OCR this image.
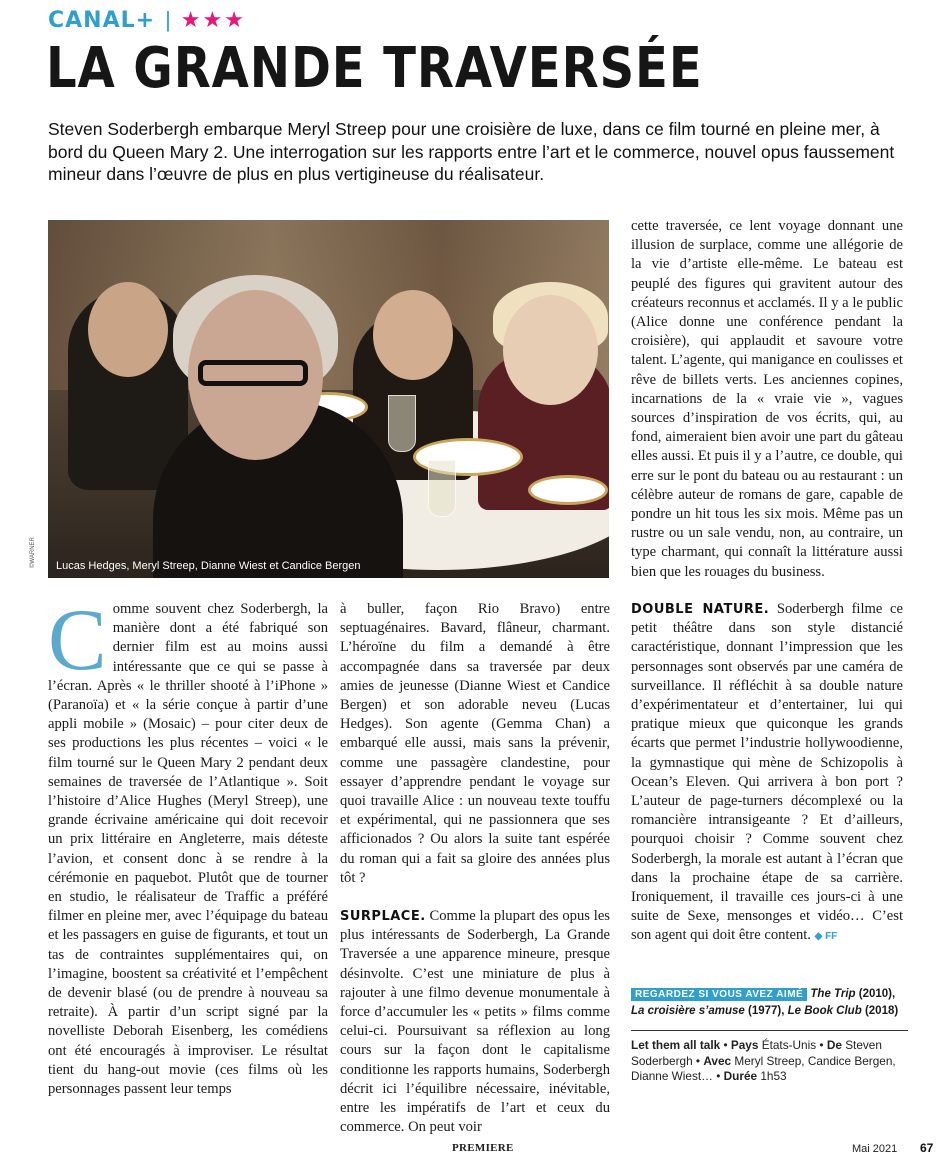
CANAL+ | ★★★
LA GRANDE TRAVERSÉE

Steven Soderbergh embarque Meryl Streep pour une croisière de luxe, dans ce film tourné en pleine mer, à bord du Queen Mary 2. Une interrogation sur les rapports entre l’art et le commerce, nouvel opus faussement mineur dans l’œuvre de plus en plus vertigineuse du réalisateur.

Lucas Hedges, Meryl Streep, Dianne Wiest et Candice Bergen
©WARNER
C omme souvent chez Soderbergh, la manière dont a été fabriqué son dernier film est au moins aussi intéressante que ce qui se passe à l’écran. Après « le thriller shooté à l’iPhone » (Paranoïa) et « la série conçue à partir d’une appli mobile » (Mosaic) – pour citer deux de ses productions les plus récentes – voici « le film tourné sur le Queen Mary 2 pendant deux semaines de traversée de l’Atlantique ». Soit l’histoire d’Alice Hughes (Meryl Streep), une grande écrivaine américaine qui doit recevoir un prix littéraire en Angleterre, mais déteste l’avion, et consent donc à se rendre à la cérémonie en paquebot. Plutôt que de tourner en studio, le réalisateur de Traffic a préféré filmer en pleine mer, avec l’équipage du bateau et les passagers en guise de figurants, et tout un tas de contraintes supplémentaires qui, on l’imagine, boostent sa créativité et l’empêchent de devenir blasé (ou de prendre à nouveau sa retraite). À partir d’un script signé par la novelliste Deborah Eisenberg, les comédiens ont été encouragés à improviser. Le résultat tient du hang-out movie (ces films où les personnages passent leur temps

à buller, façon Rio Bravo) entre septuagénaires. Bavard, flâneur, charmant. L’héroïne du film a demandé à être accompagnée dans sa traversée par deux amies de jeunesse (Dianne Wiest et Candice Bergen) et son adorable neveu (Lucas Hedges). Son agente (Gemma Chan) a embarqué elle aussi, mais sans la prévenir, comme une passagère clandestine, pour essayer d’apprendre pendant le voyage sur quoi travaille Alice : un nouveau texte touffu et expérimental, qui ne passionnera que ses afficionados ? Ou alors la suite tant espérée du roman qui a fait sa gloire des années plus tôt ?

SURPLACE. Comme la plupart des opus les plus intéressants de Soderbergh, La Grande Traversée a une apparence mineure, presque désinvolte. C’est une miniature de plus à rajouter à une filmo devenue monumentale à force d’accumuler les « petits » films comme celui-ci. Poursuivant sa réflexion au long cours sur la façon dont le capitalisme conditionne les rapports humains, Soderbergh décrit ici l’équilibre nécessaire, inévitable, entre les impératifs de l’art et ceux du commerce. On peut voir

cette traversée, ce lent voyage donnant une illusion de surplace, comme une allégorie de la vie d’artiste elle-même. Le bateau est peuplé des figures qui gravitent autour des créateurs reconnus et acclamés. Il y a le public (Alice donne une conférence pendant la croisière), qui applaudit et savoure votre talent. L’agente, qui manigance en coulisses et rêve de billets verts. Les anciennes copines, incarnations de la « vraie vie », vagues sources d’inspiration de vos écrits, qui, au fond, aimeraient bien avoir une part du gâteau elles aussi. Et puis il y a l’autre, ce double, qui erre sur le pont du bateau ou au restaurant : un célèbre auteur de romans de gare, capable de pondre un hit tous les six mois. Même pas un rustre ou un sale vendu, non, au contraire, un type charmant, qui connaît la littérature aussi bien que les rouages du business.

DOUBLE NATURE. Soderbergh filme ce petit théâtre dans son style distancié caractéristique, donnant l’impression que les personnages sont observés par une caméra de surveillance. Il réfléchit à sa double nature d’expérimentateur et d’entertainer, lui qui pratique mieux que quiconque les grands écarts que permet l’industrie hollywoodienne, la gymnastique qui mène de Schizopolis à Ocean’s Eleven. Qui arrivera à bon port ? L’auteur de page-turners décomplexé ou la romancière intransigeante ? Et d’ailleurs, pourquoi choisir ? Comme souvent chez Soderbergh, la morale est autant à l’écran que dans la prochaine étape de sa carrière. Ironiquement, il travaille ces jours-ci à une suite de Sexe, mensonges et vidéo… C’est son agent qui doit être content. ◆ FF

REGARDEZ SI VOUS AVEZ AIMÉ The Trip (2010),
La croisière s’amuse (1977), Le Book Club (2018)
Let them all talk • Pays États-Unis • De Steven Soderbergh • Avec Meryl Streep, Candice Bergen, Dianne Wiest… • Durée 1h53
PREMIERE	Mai 2021 67
